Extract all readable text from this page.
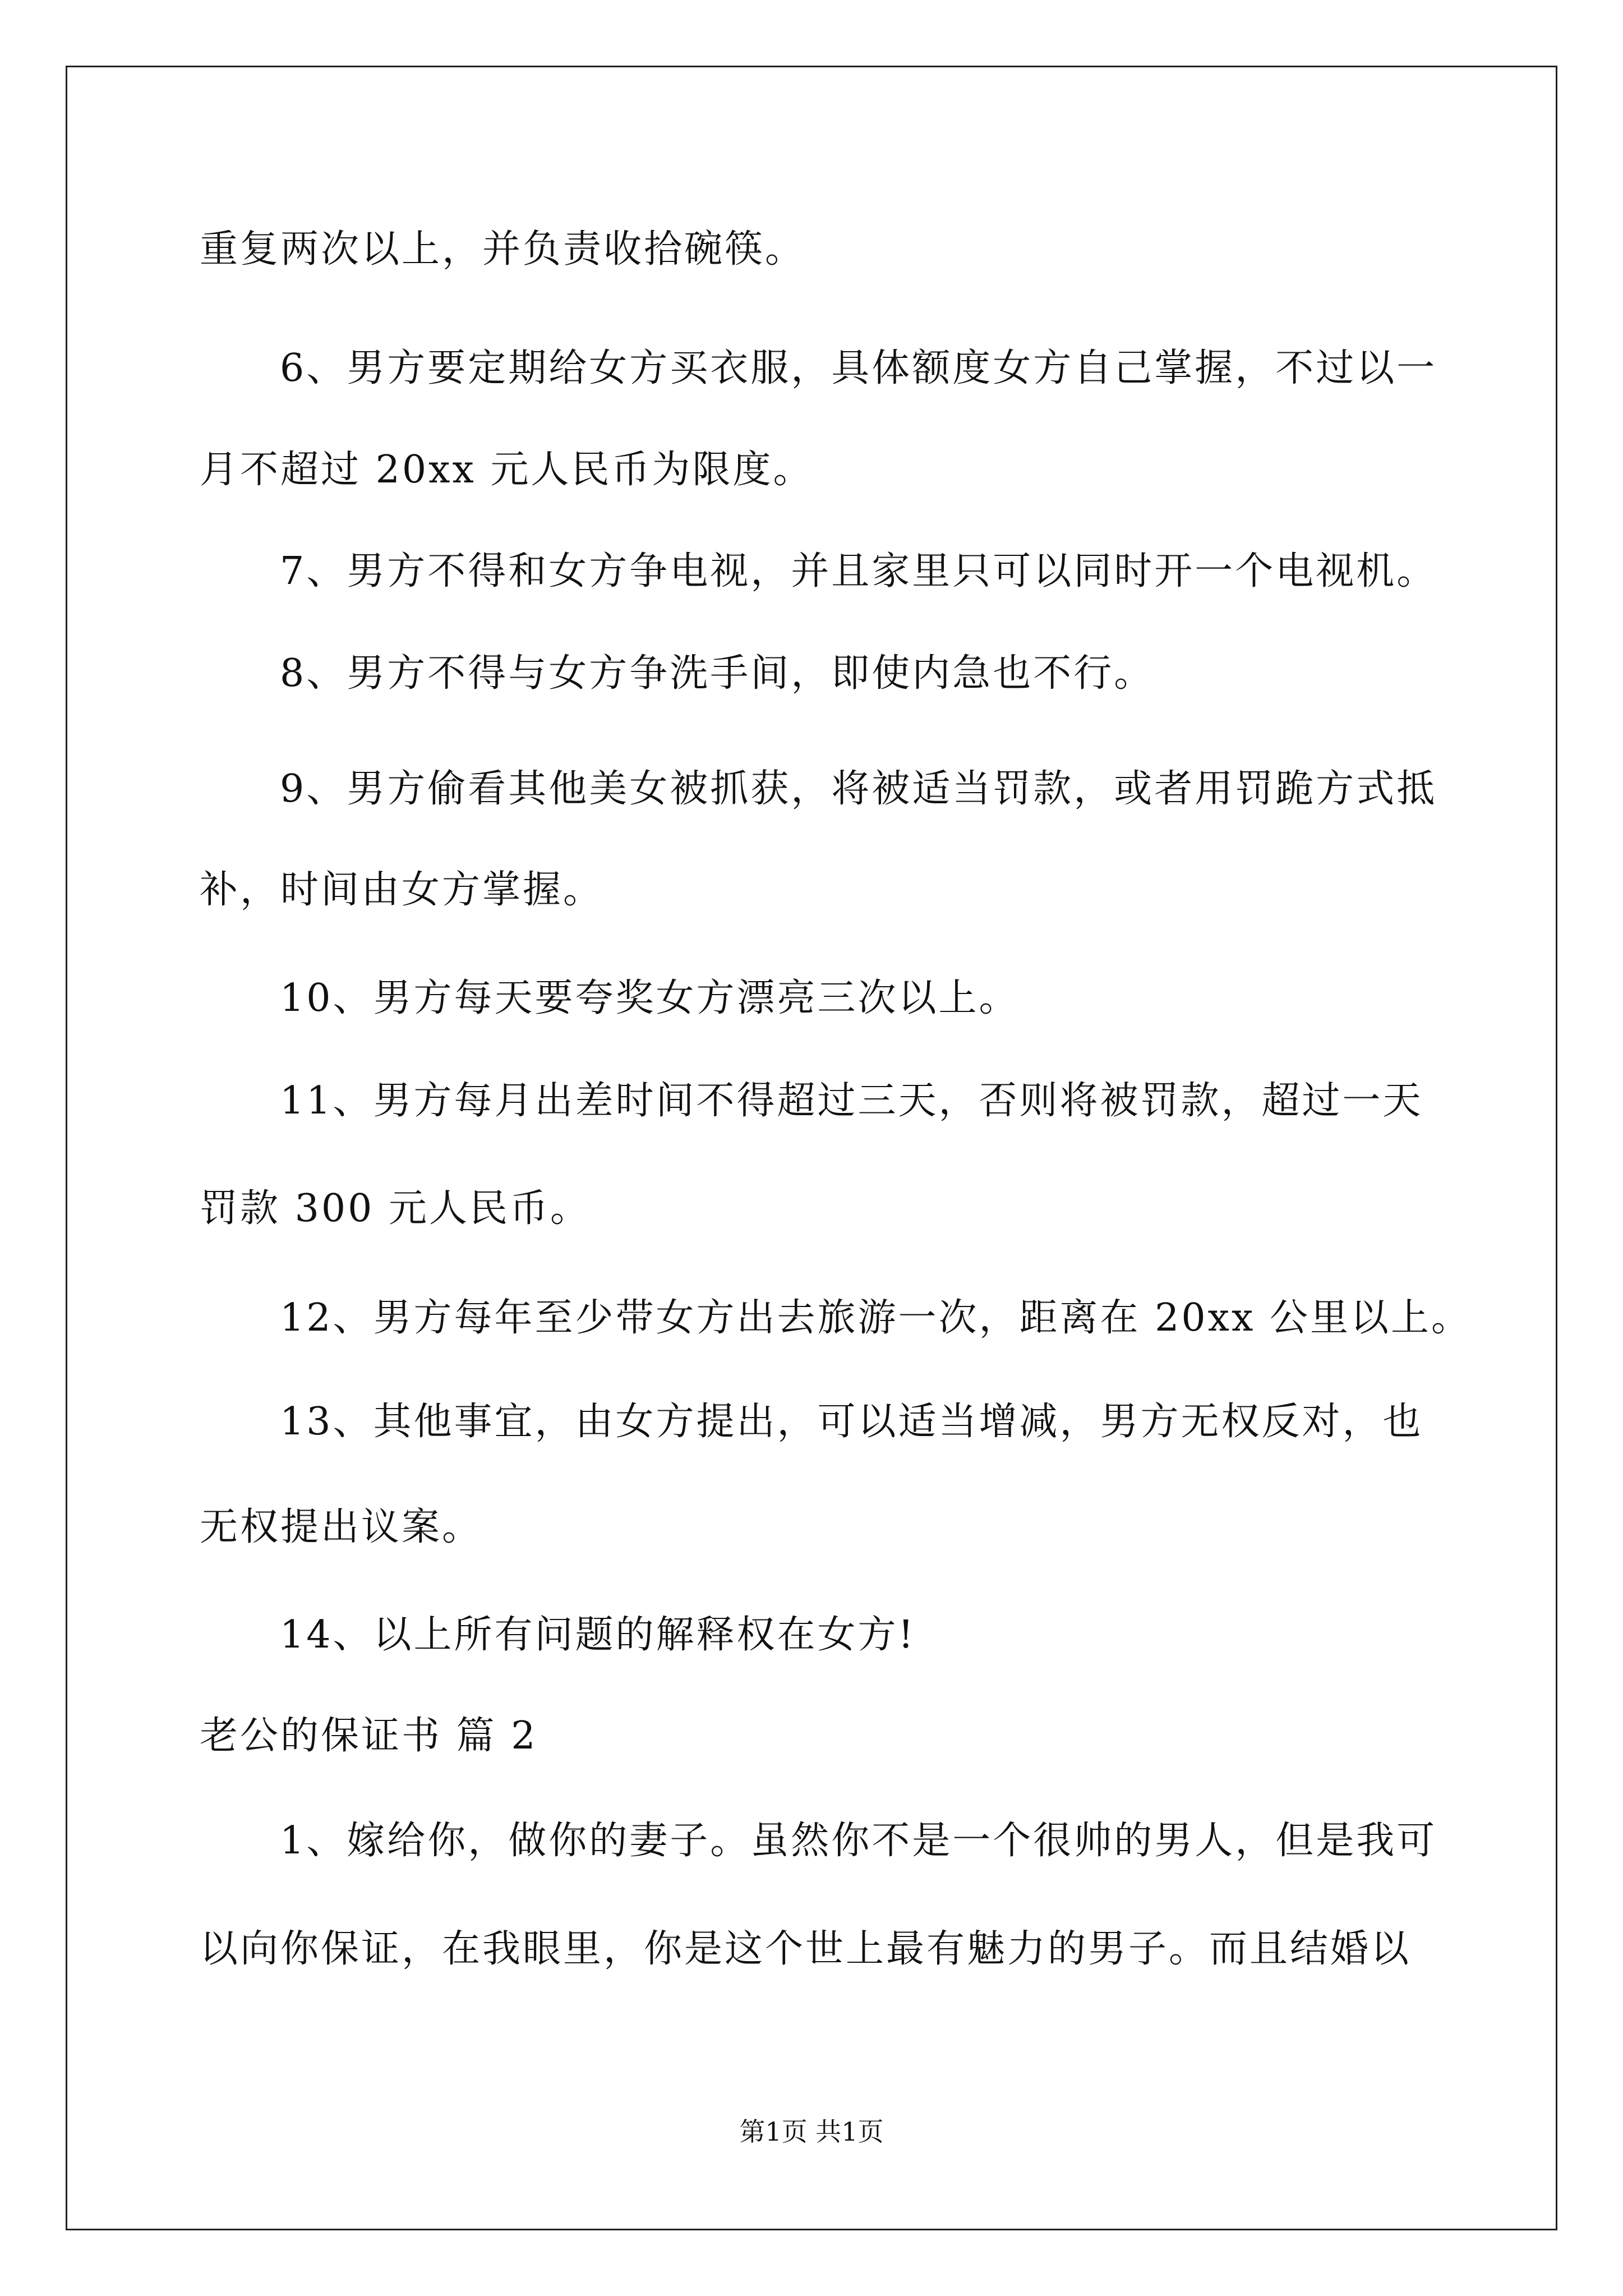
重复两次以上，并负责收拾碗筷。
6、男方要定期给女方买衣服，具体额度女方自己掌握，不过以一
月不超过 20xx 元人民币为限度。
7、男方不得和女方争电视，并且家里只可以同时开一个电视机。
8、男方不得与女方争洗手间，即使内急也不行。
9、男方偷看其他美女被抓获，将被适当罚款，或者用罚跪方式抵
补，时间由女方掌握。
10、男方每天要夸奖女方漂亮三次以上。
11、男方每月出差时间不得超过三天，否则将被罚款，超过一天
罚款 300 元人民币。
12、男方每年至少带女方出去旅游一次，距离在 20xx 公里以上。
13、其他事宜，由女方提出，可以适当增减，男方无权反对，也
无权提出议案。
14、以上所有问题的解释权在女方!
老公的保证书 篇 2
1、嫁给你，做你的妻子。虽然你不是一个很帅的男人，但是我可
以向你保证，在我眼里，你是这个世上最有魅力的男子。而且结婚以
第1页 共1页
